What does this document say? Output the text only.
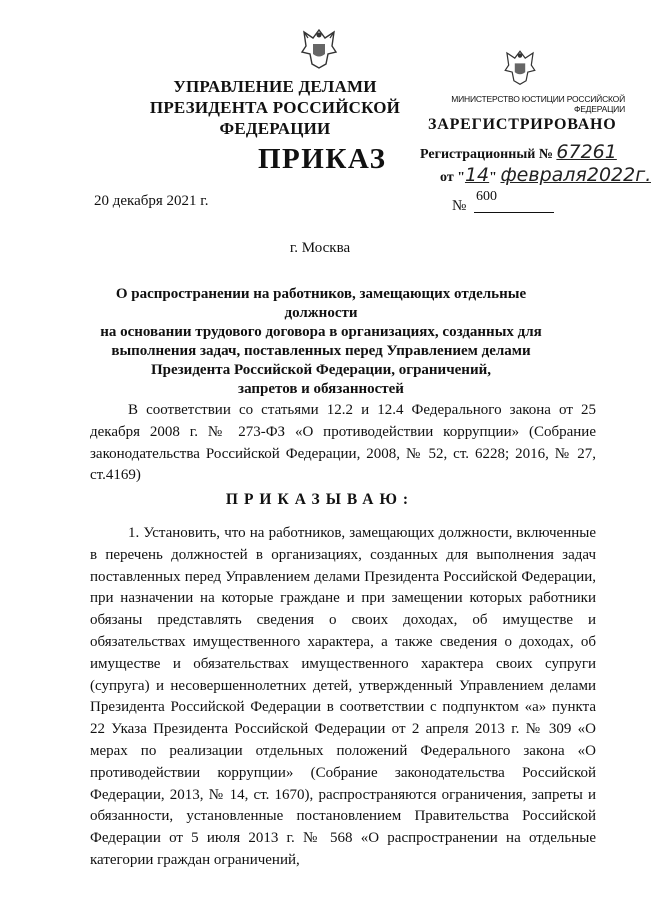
УПРАВЛЕНИЕ ДЕЛАМИ
ПРЕЗИДЕНТА РОССИЙСКОЙ ФЕДЕРАЦИИ
МИНИСТЕРСТВО ЮСТИЦИИ РОССИЙСКОЙ ФЕДЕРАЦИИ
ЗАРЕГИСТРИРОВАНО
Регистрационный № 67261
от "14" февраля2022г.
ПРИКАЗ
20 декабря 2021 г.	№
600
г. Москва
О распространении на работников, замещающих отдельные должности
на основании трудового договора в организациях, созданных для
выполнения задач, поставленных перед Управлением делами
Президента Российской Федерации, ограничений,
запретов и обязанностей
В соответствии со статьями 12.2 и 12.4 Федерального закона от 25 декабря 2008 г. № 273-ФЗ «О противодействии коррупции» (Собрание законодательства Российской Федерации, 2008, № 52, ст. 6228; 2016, № 27, ст.4169)
ПРИКАЗЫВАЮ:
1. Установить, что на работников, замещающих должности, включенные в перечень должностей в организациях, созданных для выполнения задач поставленных перед Управлением делами Президента Российской Федерации, при назначении на которые граждане и при замещении которых работники обязаны представлять сведения о своих доходах, об имуществе и обязательствах имущественного характера, а также сведения о доходах, об имуществе и обязательствах имущественного характера своих супруги (супруга) и несовершеннолетних детей, утвержденный Управлением делами Президента Российской Федерации в соответствии с подпунктом «а» пункта 22 Указа Президента Российской Федерации от 2 апреля 2013 г. № 309 «О мерах по реализации отдельных положений Федерального закона «О противодействии коррупции» (Собрание законодательства Российской Федерации, 2013, № 14, ст. 1670), распространяются ограничения, запреты и обязанности, установленные постановлением Правительства Российской Федерации от 5 июля 2013 г. № 568 «О распространении на отдельные категории граждан ограничений,
